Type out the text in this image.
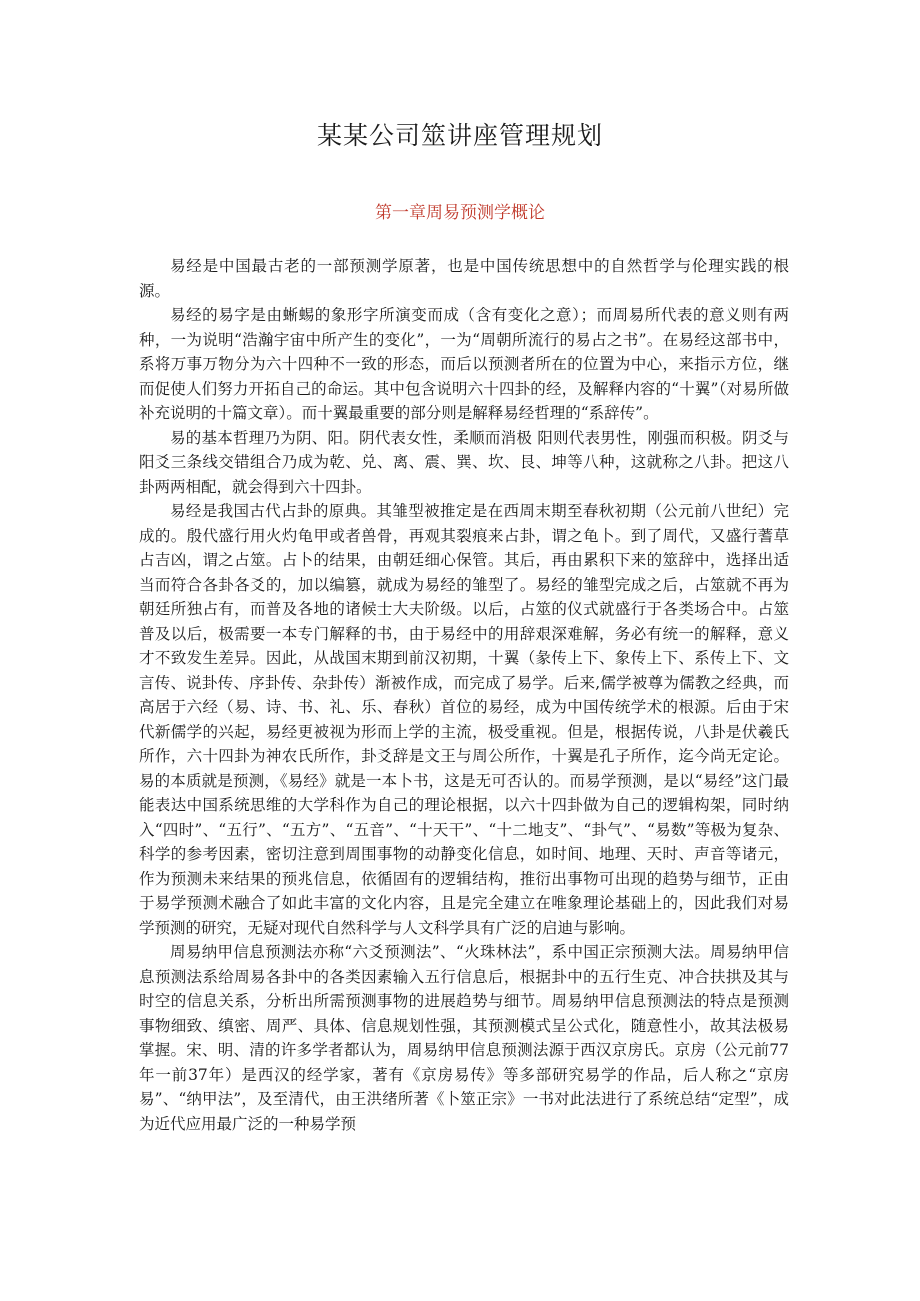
某某公司筮讲座管理规划
第一章周易预测学概论

易经是中国最古老的一部预测学原著，也是中国传统思想中的自然哲学与伦理实践的根源。

易经的易字是由蜥蜴的象形字所演变而成（含有变化之意）；而周易所代表的意义则有两种，一为说明“浩瀚宇宙中所产生的变化”，一为“周朝所流行的易占之书”。在易经这部书中，系将万事万物分为六十四种不一致的形态，而后以预测者所在的位置为中心，来指示方位，继而促使人们努力开拓自己的命运。其中包含说明六十四卦的经，及解释内容的“十翼”（对易所做补充说明的十篇文章）。而十翼最重要的部分则是解释易经哲理的“系辞传”。

易的基本哲理乃为阴、阳。阴代表女性，柔顺而消极 阳则代表男性，刚强而积极。阴爻与阳爻三条线交错组合乃成为乾、兑、离、震、巽、坎、艮、坤等八种，这就称之八卦。把这八卦两两相配，就会得到六十四卦。

易经是我国古代占卦的原典。其雏型被推定是在西周末期至春秋初期（公元前八世纪）完成的。殷代盛行用火灼龟甲或者兽骨，再观其裂痕来占卦，谓之龟卜。到了周代，又盛行蓍草占吉凶，谓之占筮。占卜的结果，由朝廷细心保管。其后，再由累积下来的筮辞中，选择出适当而符合各卦各爻的，加以编篡，就成为易经的雏型了。易经的雏型完成之后，占筮就不再为朝廷所独占有，而普及各地的诸候士大夫阶级。以后，占筮的仪式就盛行于各类场合中。占筮普及以后，极需要一本专门解释的书，由于易经中的用辞艰深难解，务必有统一的解释，意义才不致发生差异。因此，从战国末期到前汉初期，十翼（彖传上下、象传上下、系传上下、文言传、说卦传、序卦传、杂卦传）渐被作成，而完成了易学。后来,儒学被尊为儒教之经典，而高居于六经（易、诗、书、礼、乐、春秋）首位的易经，成为中国传统学术的根源。后由于宋代新儒学的兴起，易经更被视为形而上学的主流，极受重视。但是，根据传说，八卦是伏羲氏所作，六十四卦为神农氏所作，卦爻辞是文王与周公所作，十翼是孔子所作，迄今尚无定论。易的本质就是预测，《易经》就是一本卜书，这是无可否认的。而易学预测，是以“易经”这门最能表达中国系统思维的大学科作为自己的理论根据，以六十四卦做为自己的逻辑构架，同时纳入“四时”、“五行”、“五方”、“五音”、“十天干”、“十二地支”、“卦气”、“易数”等极为复杂、科学的参考因素，密切注意到周围事物的动静变化信息，如时间、地理、天时、声音等诸元，作为预测未来结果的预兆信息，依循固有的逻辑结构，推衍出事物可出现的趋势与细节，正由于易学预测术融合了如此丰富的文化内容，且是完全建立在唯象理论基础上的，因此我们对易学预测的研究，无疑对现代自然科学与人文科学具有广泛的启迪与影响。

周易纳甲信息预测法亦称“六爻预测法”、“火珠林法”，系中国正宗预测大法。周易纳甲信息预测法系给周易各卦中的各类因素输入五行信息后，根据卦中的五行生克、冲合扶拱及其与时空的信息关系，分析出所需预测事物的进展趋势与细节。周易纳甲信息预测法的特点是预测事物细致、缜密、周严、具体、信息规划性强，其预测模式呈公式化，随意性小，故其法极易掌握。宋、明、清的许多学者都认为，周易纳甲信息预测法源于西汉京房氏。京房（公元前77年一前37年）是西汉的经学家，著有《京房易传》等多部研究易学的作品，后人称之“京房易”、“纳甲法”，及至清代，由王洪绪所著《卜筮正宗》一书对此法进行了系统总结“定型”，成为近代应用最广泛的一种易学预
